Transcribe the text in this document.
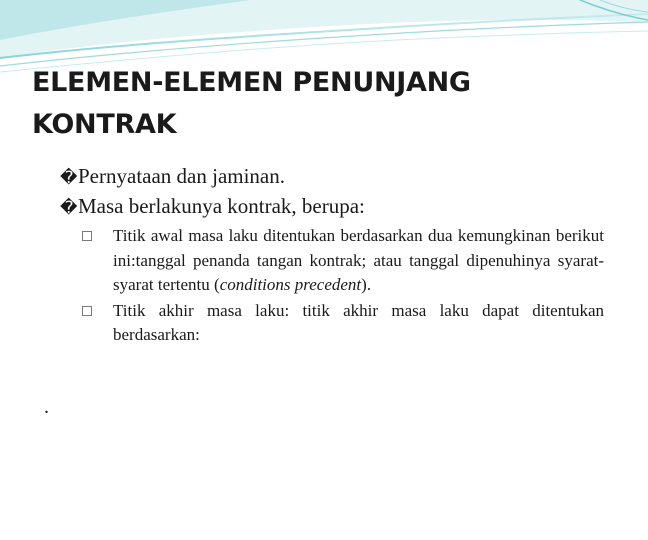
ELEMEN-ELEMEN PENUNJANG KONTRAK
�Pernyataan dan jaminan.
�Masa berlakunya kontrak, berupa:
Titik awal masa laku ditentukan berdasarkan dua kemungkinan berikut ini:tanggal penanda tangan kontrak; atau tanggal dipenuhinya syarat-syarat tertentu (conditions precedent).
Titik akhir masa laku: titik akhir masa laku dapat ditentukan berdasarkan:
.
